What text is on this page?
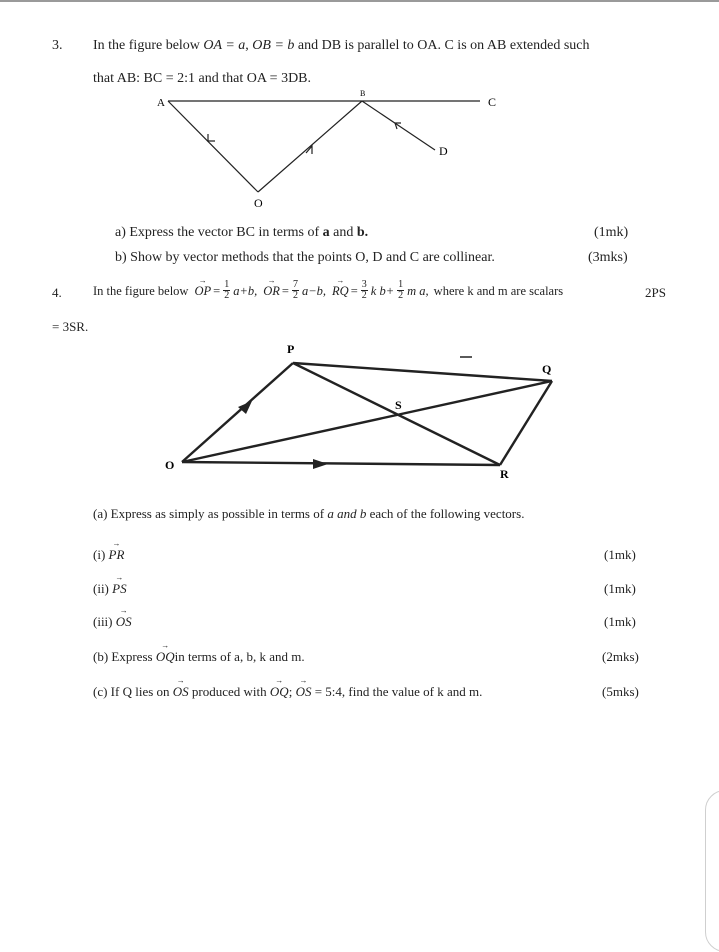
3. In the figure below OA = a, OB = b and DB is parallel to OA. C is on AB extended such
that AB: BC = 2:1 and that OA = 3DB.
A
B
C
D
O
a) Express the vector BC in terms of a and b.	(1mk)
b) Show by vector methods that the points O, D and C are collinear.	(3mks)
4.	In the figure below → OP = $\frac{1}{2} a+b$, → OR = $\frac{7}{2} a-b$, → RQ = $\frac{3}{2}$ k $b+ \frac{1}{2}$ m a, where k and m are scalars	2PS
= 3SR.
P
Q
S
O
R
(a) Express as simply as possible in terms of a and b each of the following vectors.
(i) → PR	(1mk)
(ii) → PS	(1mk)
(iii) → OS	(1mk)
(b) Express → OQin terms of a, b, k and m.	(2mks)
(c) If Q lies on → OS produced with → OQ; → OS = 5:4, find the value of k and m.	(5mks)
